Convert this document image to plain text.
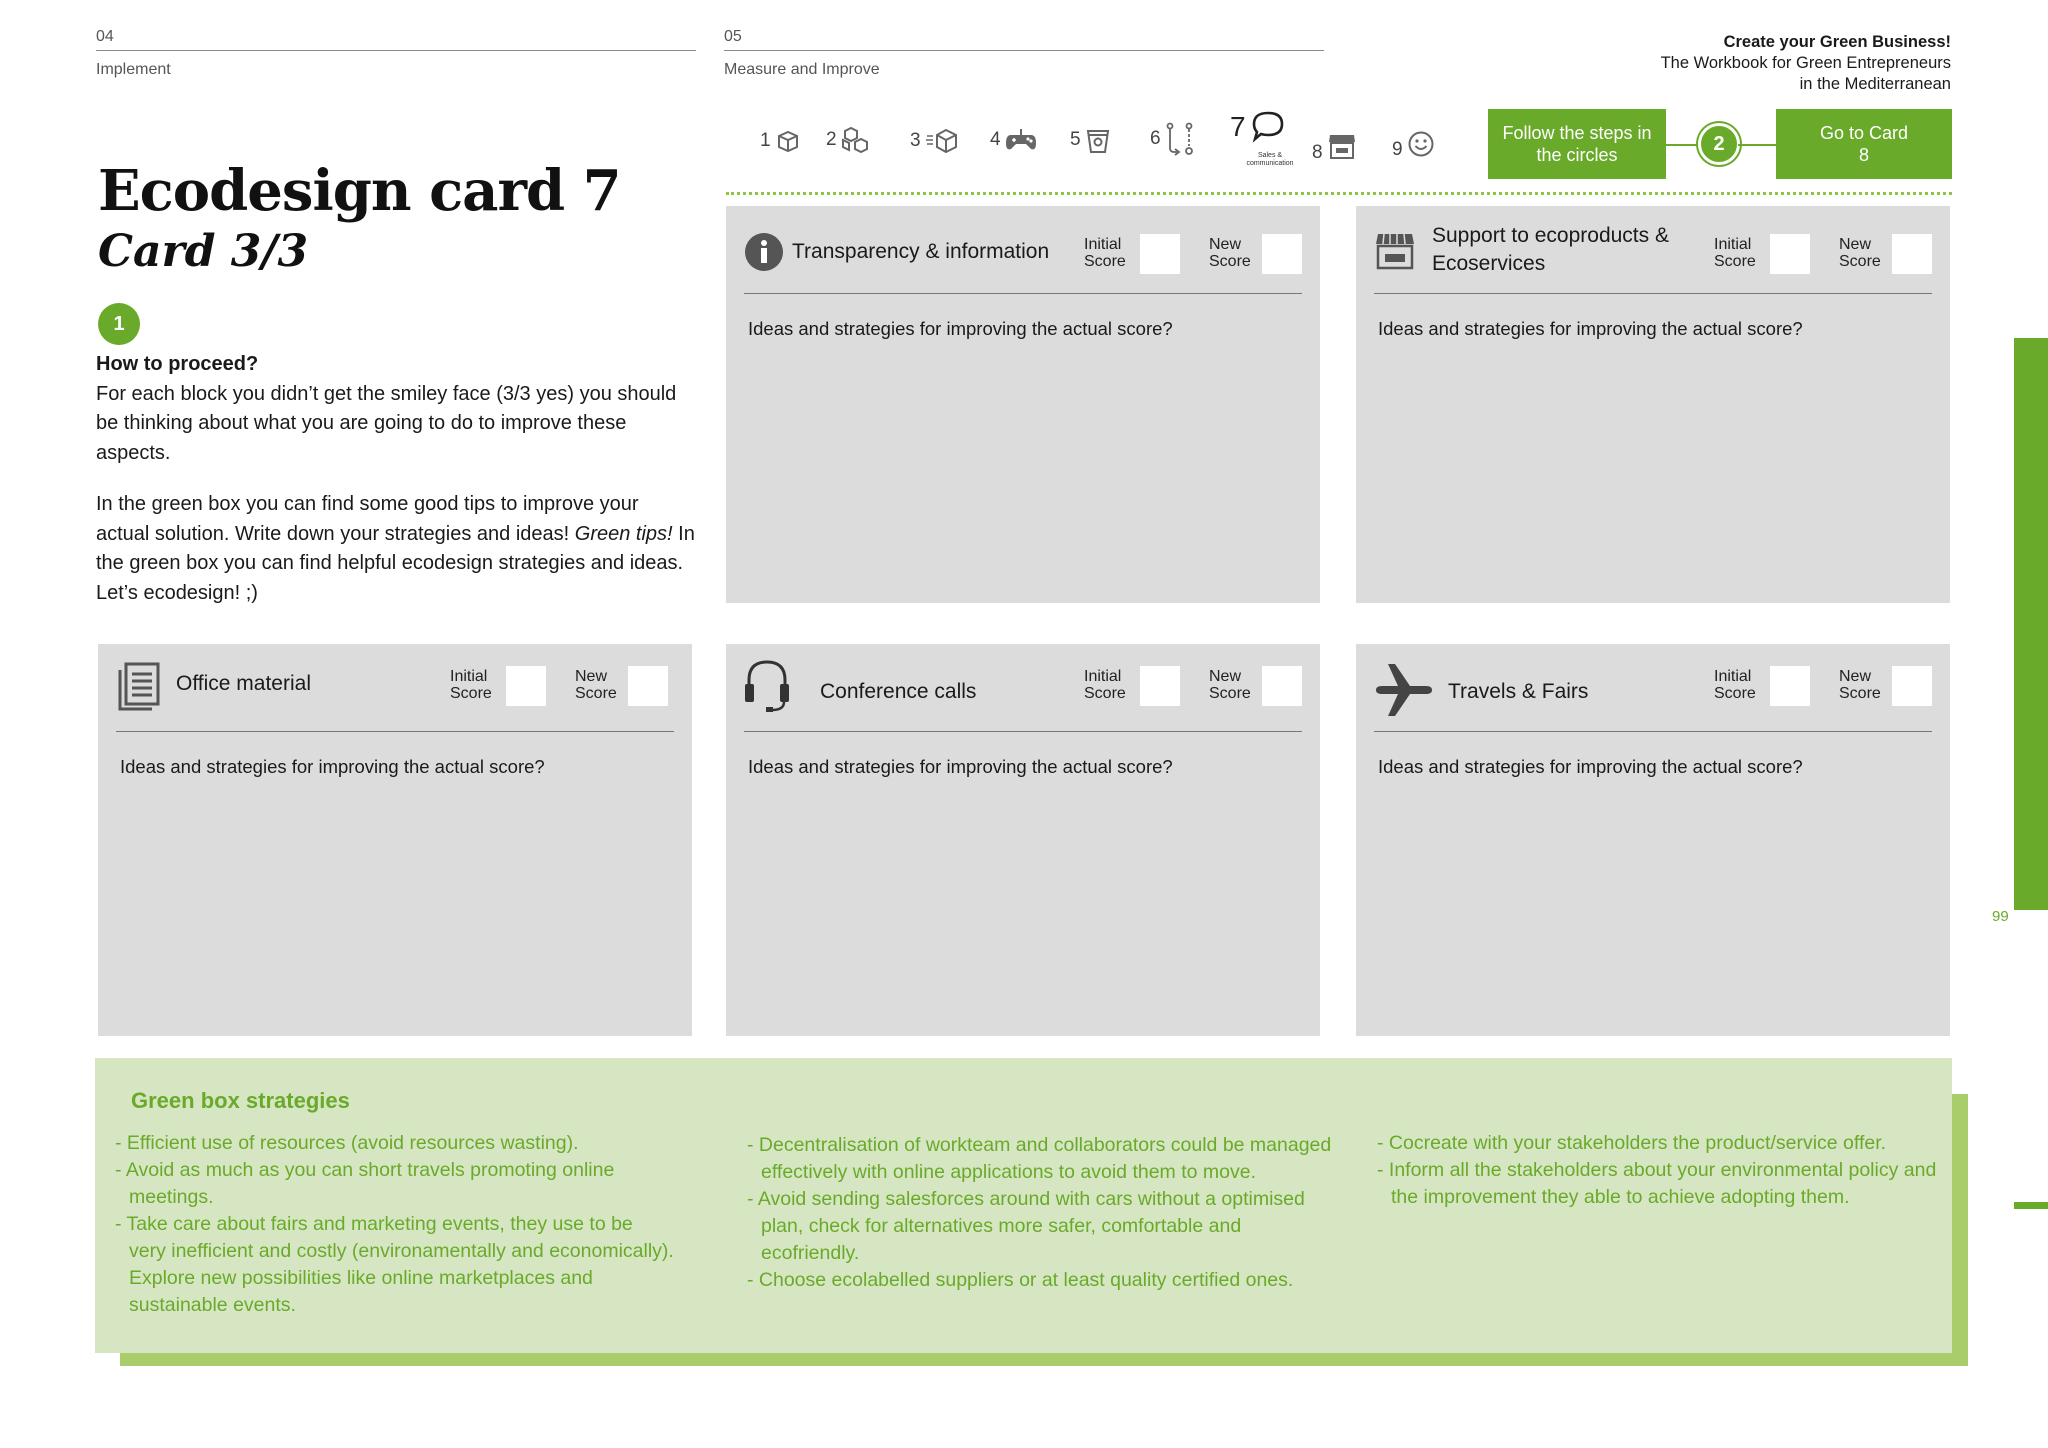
04
Implement
05
Measure and Improve
Create your Green Business!
The Workbook for Green Entrepreneurs
in the Mediterranean
Ecodesign card 7
Card 3/3
1
How to proceed?

For each block you didn’t get the smiley face (3/3 yes) you should be thinking about what you are going to do to improve these aspects.

In the green box you can find some good tips to improve your actual solution. Write down your strategies and ideas! Green tips! In the green box you can find helpful ecodesign strategies and ideas. Let’s ecodesign! ;)

1	2	3	4	5	6 7
Sales & communication
8	9
Follow the steps in the circles
2	Go to Card 8
Transparency & information Initial Score
New Score
Ideas and strategies for improving the actual score?
Support to ecoproducts & Ecoservices
Initial Score
New Score
Ideas and strategies for improving the actual score?
Office material	Initial Score
New Score
Ideas and strategies for improving the actual score?
Conference calls
Initial Score
New Score
Ideas and strategies for improving the actual score?
Travels & Fairs
Initial Score
New Score
Ideas and strategies for improving the actual score?
Green box strategies
- Efficient use of resources (avoid resources wasting).
- Avoid as much as you can short travels promoting online meetings.
- Take care about fairs and marketing events, they use to be very inefficient and costly (environamentally and economically). Explore new possibilities like online marketplaces and sustainable events.
- Decentralisation of workteam and collaborators could be managed effectively with online applications to avoid them to move.
- Avoid sending salesforces around with cars without a optimised plan, check for alternatives more safer, comfortable and ecofriendly.
- Choose ecolabelled suppliers or at least quality certified ones.
- Cocreate with your stakeholders the product/service offer.
- Inform all the stakeholders about your environmental policy and the improvement they able to achieve adopting them.
99
